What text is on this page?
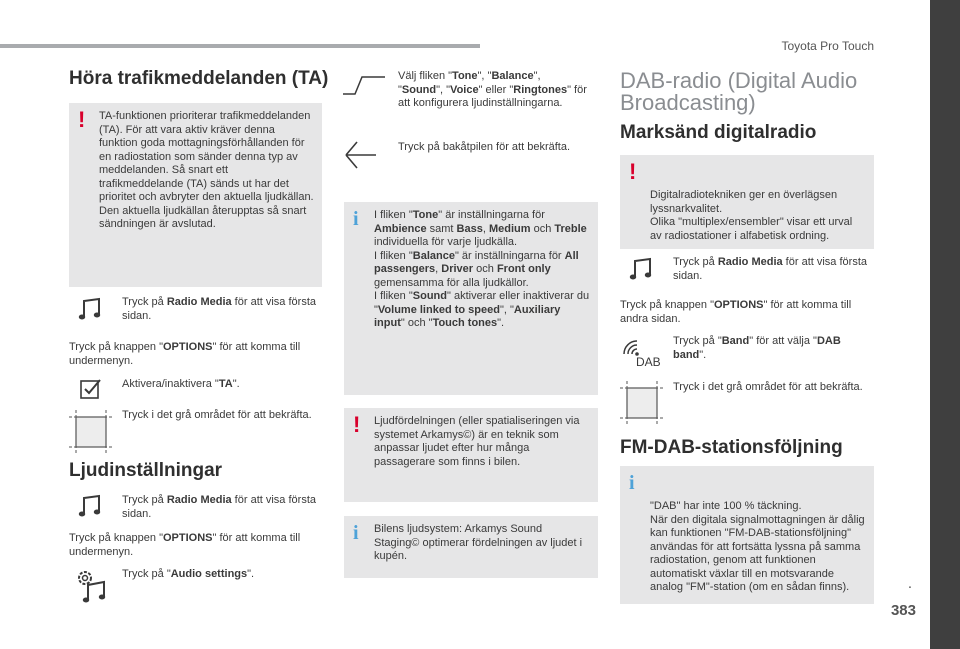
Toyota Pro Touch
.
383
Höra trafikmeddelanden (TA)
!	TA-funktionen prioriterar trafikmeddelanden (TA). För att vara aktiv kräver denna funktion goda mottagningsförhållanden för en radiostation som sänder denna typ av meddelanden. Så snart ett trafikmeddelande (TA) sänds ut har det prioritet och avbryter den aktuella ljudkällan. Den aktuella ljudkällan återupptas så snart sändningen är avslutad.
Tryck på Radio Media för att visa första sidan.
Tryck på knappen "OPTIONS" för att komma till undermenyn.
Aktivera/inaktivera "TA".
Tryck i det grå området för att bekräfta.
Ljudinställningar
Tryck på Radio Media för att visa första sidan.
Tryck på knappen "OPTIONS" för att komma till undermenyn.
Tryck på "Audio settings".
Välj fliken "Tone", "Balance", "Sound", "Voice" eller "Ringtones" för att konfigurera ljudinställningarna.
Tryck på bakåtpilen för att bekräfta.
i	I fliken "Tone" är inställningarna för Ambience samt Bass, Medium och Treble individuella för varje ljudkälla.
I fliken "Balance" är inställningarna för All passengers, Driver och Front only gemensamma för alla ljudkällor.
I fliken "Sound" aktiverar eller inaktiverar du "Volume linked to speed", "Auxiliary input" och "Touch tones".
!	Ljudfördelningen (eller spatialiseringen via systemet Arkamys©) är en teknik som anpassar ljudet efter hur många passagerare som finns i bilen.
i	Bilens ljudsystem: Arkamys Sound Staging© optimerar fördelningen av ljudet i kupén.
DAB-radio (Digital Audio
Broadcasting)
Marksänd digitalradio

!

Digitalradiotekniken ger en överlägsen lyssnarkvalitet.
Olika "multiplex/ensembler" visar ett urval av radiostationer i alfabetisk ordning.

Tryck på Radio Media för att visa första sidan.
Tryck på knappen "OPTIONS" för att komma till andra sidan.
DAB
Tryck på "Band" för att välja "DAB band".
Tryck i det grå området för att bekräfta.
FM-DAB-stationsföljning

i

"DAB" har inte 100 % täckning.
När den digitala signalmottagningen är dålig kan funktionen "FM-DAB-stationsföljning" användas för att fortsätta lyssna på samma radiostation, genom att funktionen automatiskt växlar till en motsvarande analog "FM"-station (om en sådan finns).
